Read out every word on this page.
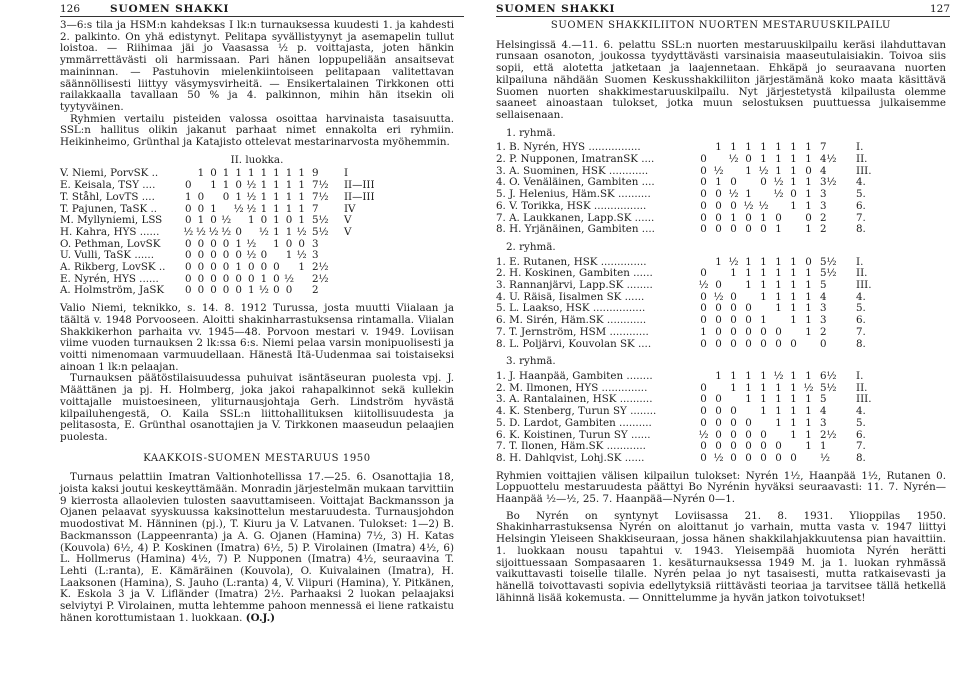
126	SUOMEN SHAKKI

3—6:s tila ja HSM:n kahdeksas I lk:n turnauksessa kuudesti 1. ja kahdesti 2. palkinto. On yhä edistynyt. Pelitapa syvällistyynyt ja asemapelin tullut loistoa. — Riihimaa jäi jo Vaasassa ½ p. voittajasta, joten hänkin ymmärrettävästi oli harmissaan. Pari hänen loppupeliään ansaitsevat maininnan. — Pastuhovin mielenkiintoiseen pelitapaan valitettavan säännöllisesti liittyy väsymysvirheitä. — Ensikertalainen Tirkkonen otti railakkaalla tavallaan 50 % ja 4. palkinnon, mihin hän itsekin oli tyytyväinen.

Ryhmien vertailu pisteiden valossa osoittaa harvinaista tasaisuutta. SSL:n hallitus olikin jakanut parhaat nimet ennakolta eri ryhmiin. Heikinheimo, Grünthal ja Katajisto ottelevat mestarinarvosta myöhemmin.

II. luokka.
V. Niemi, PorvSK ..		1	0	1	1	1	1	1	1	1	9	I
E. Keisala, TSY ....	0		1	1	0	½	1	1	1	1	7½	II—III
T. Ståhl, LovTS ....	1	0		0	1	½	1	1	1	1	7½	II—III
T. Pajunen, TaSK ..	0	0	1		½	½	1	1	1	1	7	IV
M. Myllyniemi, LSS	0	1	0	½		1	0	1	0	1	5½	V
H. Kahra, HYS ......	½	½	½	½	0		½	1	1	½	5½	V
O. Pethman, LovSK	0	0	0	0	1	½		1	0	0	3	
U. Vulli, TaSK ......	0	0	0	0	0	½	0		1	½	3	
A. Rikberg, LovSK ..	0	0	0	0	1	0	0	0		1	2½	
E. Nyrén, HYS ......	0	0	0	0	0	0	1	0	½		2½	
A. Holmström, JaSK	0	0	0	0	0	1	½	0	0		2	

Valio Niemi, teknikko, s. 14. 8. 1912 Turussa, josta muutti Viialaan ja täältä v. 1948 Porvooseen. Aloitti shakinharrastuksensa rintamalla. Viialan Shakkikerhon parhaita vv. 1945—48. Porvoon mestari v. 1949. Loviisan viime vuoden turnauksen 2 lk:ssa 6:s. Niemi pelaa varsin monipuolisesti ja voitti nimenomaan varmuudellaan. Hänestä Itä-Uudenmaa sai toistaiseksi ainoan 1 lk:n pelaajan.

Turnauksen päätöstilaisuudessa puhuivat isäntäseuran puolesta vpj. J. Määttänen ja pj. H. Holmberg, joka jakoi rahapalkinnot sekä kullekin voittajalle muistoesineen, yliturnausjohtaja Gerh. Lindström hyvästä kilpailuhengestä, O. Kaila SSL:n liittohallituksen kiitollisuudesta ja pelitasosta, E. Grünthal osanottajien ja V. Tirkkonen maaseudun pelaajien puolesta.

KAAKKOIS-SUOMEN MESTARUUS 1950

Turnaus pelattiin Imatran Valtionhotellissa 17.—25. 6. Osanottajia 18, joista kaksi joutui keskeyttämään. Monradin järjestelmän mukaan tarvittiin 9 kierrosta allaolevien tulosten saavuttamiseen. Voittajat Backmansson ja Ojanen pelaavat syyskuussa kaksinottelun mestaruudesta. Turnausjohdon muodostivat M. Hänninen (pj.), T. Kiuru ja V. Latvanen. Tulokset: 1—2) B. Backmansson (Lappeenranta) ja A. G. Ojanen (Hamina) 7½, 3) H. Katas (Kouvola) 6½, 4) P. Koskinen (Imatra) 6½, 5) P. Virolainen (Imatra) 4½, 6) L. Hollmerus (Hamina) 4½, 7) P. Nupponen (Imatra) 4½, seuraavina T. Lehti (L:ranta), E. Kämäräinen (Kouvola), O. Kuivalainen (Imatra), H. Laaksonen (Hamina), S. Jauho (L:ranta) 4, V. Viipuri (Hamina), Y. Pitkänen, K. Eskola 3 ja V. Lifländer (Imatra) 2½. Parhaaksi 2 luokan pelaajaksi selviytyi P. Virolainen, mutta lehtemme pahoon mennessä ei liene ratkaistu hänen korottumistaan 1. luokkaan. (O.J.)

SUOMEN SHAKKI	127
SUOMEN SHAKKILIITON NUORTEN MESTARUUSKILPAILU

Helsingissä 4.—11. 6. pelattu SSL:n nuorten mestaruuskilpailu keräsi ilahduttavan runsaan osanoton, joukossa tyydyttävästi varsinaisia maaseutulaisiakin. Toivoa siis sopii, että alotetta jatketaan ja laajennetaan. Ehkäpä jo seuraavana nuorten kilpailuna nähdään Suomen Keskusshakkiliiton järjestämänä koko maata käsittävä Suomen nuorten shakkimestaruuskilpailu. Nyt järjestetystä kilpailusta olemme saaneet ainoastaan tulokset, jotka muun selostuksen puuttuessa julkaisemme sellaisenaan.

1. ryhmä.
1. B. Nyrén, HYS ................		1	1	1	1	1	1	1	7	I.
2. P. Nupponen, ImatranSK ....	0		½	0	1	1	1	1	4½	II.
3. A. Suominen, HSK ............	0	½		1	½	1	1	0	4	III.
4. O. Venäläinen, Gambiten ....	0	1	0		0	½	1	1	3½	4.
5. J. Helenius, Häm.SK ..........	0	0	½	1		½	0	1	3	5.
6. V. Torikka, HSK ................	0	0	0	½	½		1	1	3	6.
7. A. Laukkanen, Lapp.SK ......	0	0	1	0	1	0		0	2	7.
8. H. Yrjänäinen, Gambiten ....	0	0	0	0	0	1		1	2	8.
2. ryhmä.
1. E. Rutanen, HSK ..............		1	½	1	1	1	1	0	5½	I.
2. H. Koskinen, Gambiten ......	0		1	1	1	1	1	1	5½	II.
3. Rannanjärvi, Lapp.SK ........	½	0		1	1	1	1	1	5	III.
4. U. Räisä, Iisalmen SK ......	0	½	0		1	1	1	1	4	4.
5. L. Laakso, HSK ................	0	0	0	0		1	1	1	3	5.
6. M. Sirén, Häm.SK ............	0	0	0	0	1		1	1	3	6.
7. T. Jernström, HSM ............	1	0	0	0	0	0		1	2	7.
8. L. Poljärvi, Kouvolan SK ....	0	0	0	0	0	0	0		0	8.
3. ryhmä.
1. J. Haanpää, Gambiten ........		1	1	1	1	½	1	1	6½	I.
2. M. Ilmonen, HYS ..............	0		1	1	1	1	1	½	5½	II.
3. A. Rantalainen, HSK ..........	0	0		1	1	1	1	1	5	III.
4. K. Stenberg, Turun SY ........	0	0	0		1	1	1	1	4	4.
5. D. Lardot, Gambiten ..........	0	0	0	0		1	1	1	3	5.
6. K. Koistinen, Turun SY ......	½	0	0	0	0		1	1	2½	6.
7. T. Ilonen, Häm.SK ............	0	0	0	0	0	0		1	1	7.
8. H. Dahlqvist, Lohj.SK ......	0	½	0	0	0	0	0		½	8.

Ryhmien voittajien välisen kilpailun tulokset: Nyrén 1½, Haanpää 1½, Rutanen 0. Loppuottelu mestaruudesta päättyi Bo Nyrénin hyväksi seuraavasti: 11. 7. Nyrén—Haanpää ½—½, 25. 7. Haanpää—Nyrén 0—1.

Bo Nyrén on syntynyt Loviisassa 21. 8. 1931. Ylioppilas 1950. Shakinharrastuksensa Nyrén on aloittanut jo varhain, mutta vasta v. 1947 liittyi Helsingin Yleiseen Shakkiseuraan, jossa hänen shakkilahjakkuutensa pian havaittiin. 1. luokkaan nousu tapahtui v. 1943. Yleisempää huomiota Nyrén herätti sijoittuessaan Sompasaaren 1. kesäturnauksessa 1949 M. ja 1. luokan ryhmässä vaikuttavasti toiselle tilalle. Nyrén pelaa jo nyt tasaisesti, mutta ratkaisevasti ja hänellä toivottavasti sopivia edellytyksiä riittävästi teoriaa ja tarvitsee tällä hetkellä lähinnä lisää kokemusta. — Onnittelumme ja hyvän jatkon toivotukset!
